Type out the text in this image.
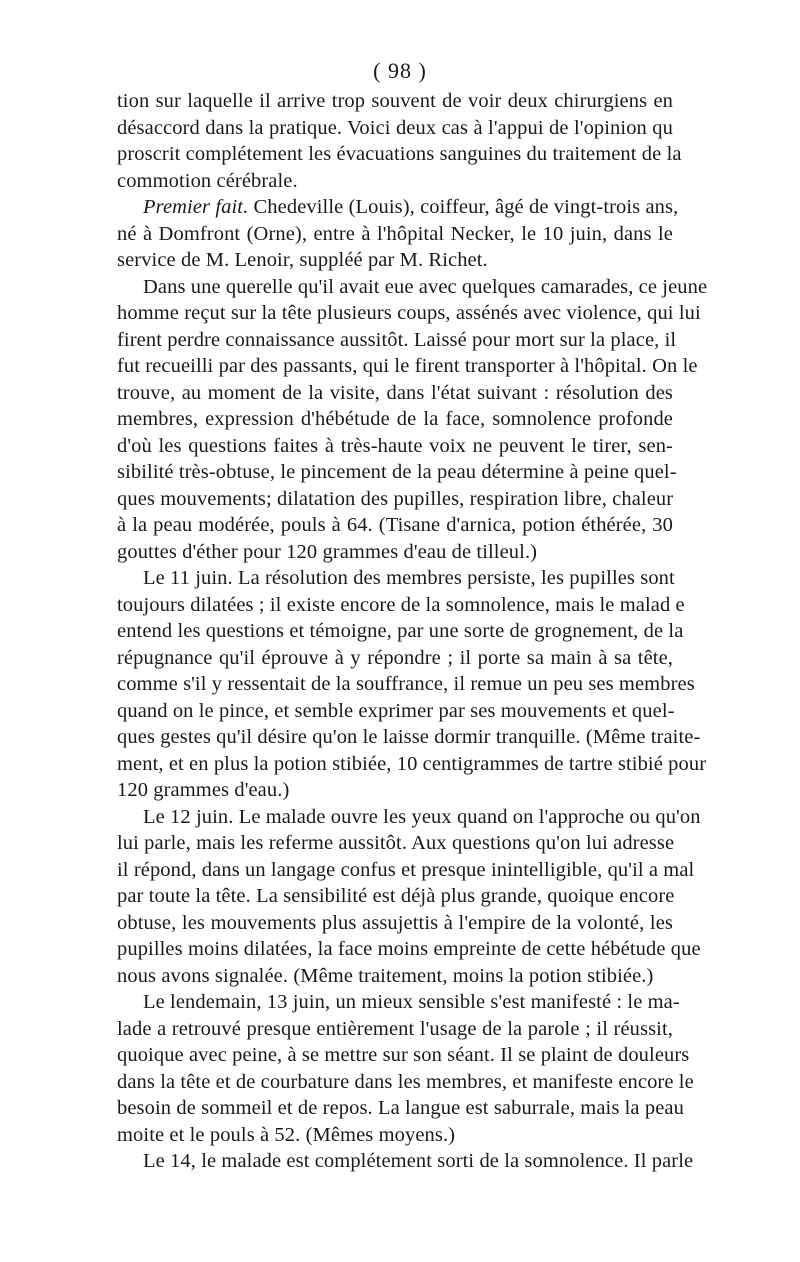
( 98 )
tion sur laquelle il arrive trop souvent de voir deux chirurgiens en
désaccord dans la pratique. Voici deux cas à l'appui de l'opinion qu
proscrit complétement les évacuations sanguines du traitement de la
commotion cérébrale.
Premier fait. Chedeville (Louis), coiffeur, âgé de vingt-trois ans,
né à Domfront (Orne), entre à l'hôpital Necker, le 10 juin, dans le
service de M. Lenoir, suppléé par M. Richet.
Dans une querelle qu'il avait eue avec quelques camarades, ce jeune
homme reçut sur la tête plusieurs coups, assénés avec violence, qui lui
firent perdre connaissance aussitôt. Laissé pour mort sur la place, il
fut recueilli par des passants, qui le firent transporter à l'hôpital. On le
trouve, au moment de la visite, dans l'état suivant : résolution des
membres, expression d'hébétude de la face, somnolence profonde
d'où les questions faites à très-haute voix ne peuvent le tirer, sen-
sibilité très-obtuse, le pincement de la peau détermine à peine quel-
ques mouvements; dilatation des pupilles, respiration libre, chaleur
à la peau modérée, pouls à 64. (Tisane d'arnica, potion éthérée, 30
gouttes d'éther pour 120 grammes d'eau de tilleul.)
Le 11 juin. La résolution des membres persiste, les pupilles sont
toujours dilatées ; il existe encore de la somnolence, mais le malad e
entend les questions et témoigne, par une sorte de grognement, de la
répugnance qu'il éprouve à y répondre ; il porte sa main à sa tête,
comme s'il y ressentait de la souffrance, il remue un peu ses membres
quand on le pince, et semble exprimer par ses mouvements et quel-
ques gestes qu'il désire qu'on le laisse dormir tranquille. (Même traite-
ment, et en plus la potion stibiée, 10 centigrammes de tartre stibié pour
120 grammes d'eau.)
Le 12 juin. Le malade ouvre les yeux quand on l'approche ou qu'on
lui parle, mais les referme aussitôt. Aux questions qu'on lui adresse
il répond, dans un langage confus et presque inintelligible, qu'il a mal
par toute la tête. La sensibilité est déjà plus grande, quoique encore
obtuse, les mouvements plus assujettis à l'empire de la volonté, les
pupilles moins dilatées, la face moins empreinte de cette hébétude que
nous avons signalée. (Même traitement, moins la potion stibiée.)
Le lendemain, 13 juin, un mieux sensible s'est manifesté : le ma-
lade a retrouvé presque entièrement l'usage de la parole ; il réussit,
quoique avec peine, à se mettre sur son séant. Il se plaint de douleurs
dans la tête et de courbature dans les membres, et manifeste encore le
besoin de sommeil et de repos. La langue est saburrale, mais la peau
moite et le pouls à 52. (Mêmes moyens.)
Le 14, le malade est complétement sorti de la somnolence. Il parle
